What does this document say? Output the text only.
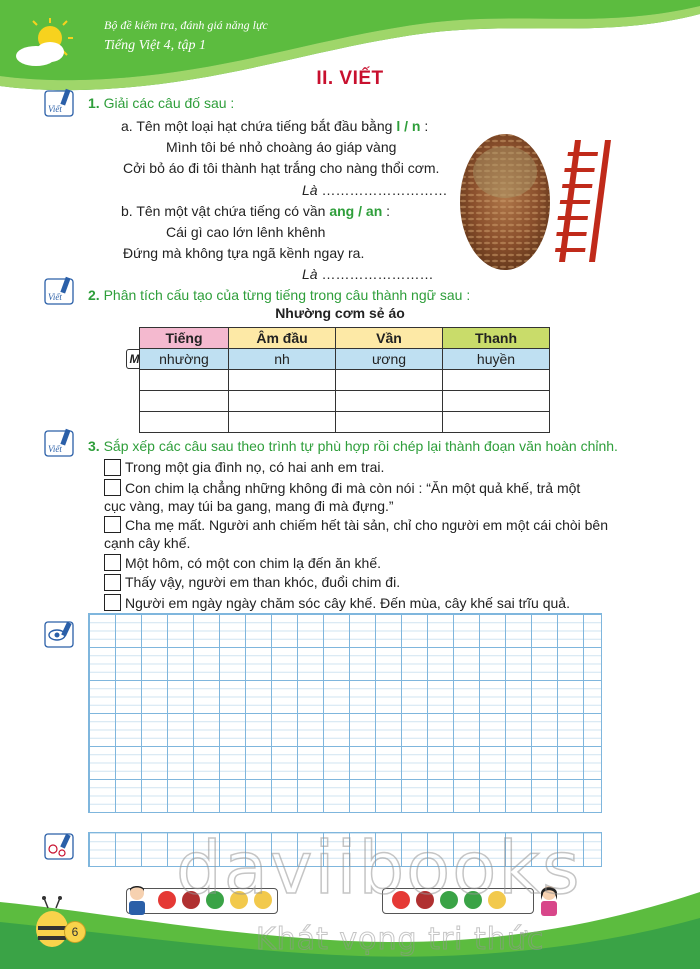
Bộ đề kiểm tra, đánh giá năng lực
Tiếng Việt 4, tập 1
II. VIẾT
Viết 1. Giải các câu đố sau :
a. Tên một loại hạt chứa tiếng bắt đầu bằng l / n :
Mình tôi bé nhỏ choàng áo giáp vàng
Cởi bỏ áo đi tôi thành hạt trắng cho nàng thổi cơm.
Là ………………………
b. Tên một vật chứa tiếng có vần ang / an :
Cái gì cao lớn lênh khênh
Đứng mà không tựa ngã kềnh ngay ra.
Là ……………………
Viết 2. Phân tích cấu tạo của từng tiếng trong câu thành ngữ sau :
Nhường cơm sẻ áo
M
Tiếng	Âm đầu	Vần	Thanh
nhường	nh	ương	huyền

Viết 3. Sắp xếp các câu sau theo trình tự phù hợp rồi chép lại thành đoạn văn hoàn chỉnh.
Trong một gia đình nọ, có hai anh em trai.
Con chim lạ chẳng những không đi mà còn nói : “Ăn một quả khế, trả một
cục vàng, may túi ba gang, mang đi mà đựng.”
Cha mẹ mất. Người anh chiếm hết tài sản, chỉ cho người em một cái chòi bên
cạnh cây khế.
Một hôm, có một con chim lạ đến ăn khế.
Thấy vậy, người em than khóc, đuổi chim đi.
Người em ngày ngày chăm sóc cây khế. Đến mùa, cây khế sai trĩu quả.
6
daviibooks
Khát vọng tri thức
